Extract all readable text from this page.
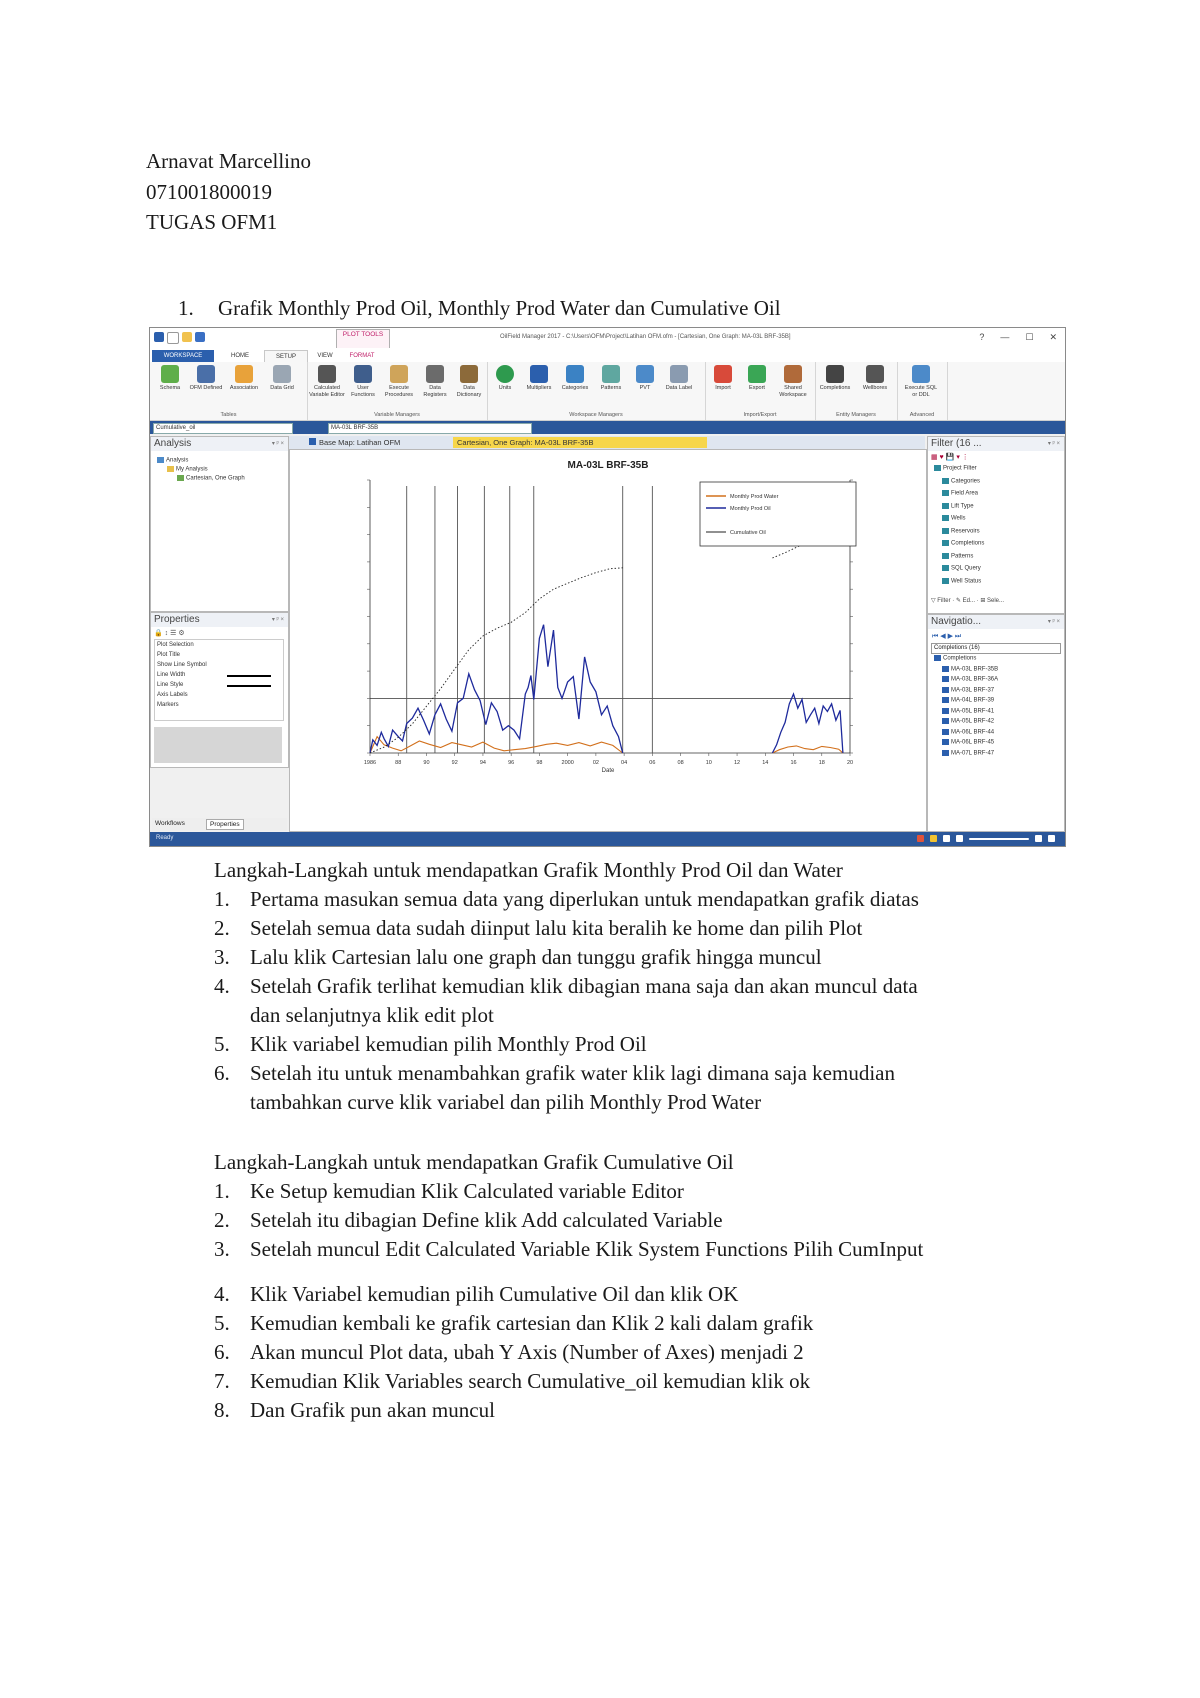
Arnavat Marcellino
071001800019
TUGAS OFM1
1. Grafik Monthly Prod Oil, Monthly Prod Water dan Cumulative Oil
PLOT TOOLS	OilField Manager 2017 - C:\Users\OFM\Project\Latihan OFM.ofm - [Cartesian, One Graph: MA-03L BRF-35B]	? — ☐ ✕
WORKSPACE	HOME	SETUP	VIEW	FORMAT
Schema	OFM Defined	Association	Data Grid
Tables
Calculated Variable Editor
User Functions
Execute Procedures
Data Registers
Data Dictionary
Variable Managers
Units	Multipliers	Categories	Patterns	PVT	Data Label
Workspace Managers
Import	Export	Shared Workspace
Import/Export
Completions	Wellbores
Entity Managers
Execute SQL or DDL
Advanced
Cumulative_oil	MA-03L BRF-35B
Analysis	▾ ᵖ ×
Analysis
My Analysis
Cartesian, One Graph
Properties	▾ ᵖ ×
🔒 ↕ ☰ ⚙
Plot Selection
Plot Title
Show Line Symbol
Line Width
Line Style
Axis Labels
Markers
Workflows	Properties
Base Map: Latihan OFM	Cartesian, One Graph: MA-03L BRF-35B
MA-03L BRF-35B
1986	88	90	92	94	96	98	2000	02	04	06	08	10	12	14	16	18	20
Date
Monthly Prod Water
Monthly Prod Oil
Cumulative Oil
Filter (16 ...	▾ ᵖ ×
▦ ♥ 💾 ▾ ⋮
Project Filter
Categories
Field Area
Lift Type
Wells
Reservoirs
Completions
Patterns
SQL Query
Well Status
▽ Filter · ✎ Ed... · ⊞ Sele...
Navigatio...	▾ ᵖ ×
⏮ ◀ ▶ ⏭
Completions (16)
Completions
MA-03L BRF-35B
MA-03L BRF-36A
MA-03L BRF-37
MA-04L BRF-39
MA-05L BRF-41
MA-05L BRF-42
MA-06L BRF-44
MA-06L BRF-45
MA-07L BRF-47
Ready
Langkah-Langkah untuk mendapatkan Grafik Monthly Prod Oil dan Water
1. Pertama masukan semua data yang diperlukan untuk mendapatkan grafik diatas
2. Setelah semua data sudah diinput lalu kita beralih ke home dan pilih Plot
3. Lalu klik Cartesian lalu one graph dan tunggu grafik hingga muncul
4. Setelah Grafik terlihat kemudian klik dibagian mana saja dan akan muncul data
dan selanjutnya klik edit plot
5. Klik variabel kemudian pilih Monthly Prod Oil
6. Setelah itu untuk menambahkan grafik water klik lagi dimana saja kemudian
tambahkan curve klik variabel dan pilih Monthly Prod Water
Langkah-Langkah untuk mendapatkan Grafik Cumulative Oil
1. Ke Setup kemudian Klik Calculated variable Editor
2. Setelah itu dibagian Define klik Add calculated Variable
3. Setelah muncul Edit Calculated Variable Klik System Functions Pilih CumInput
4. Klik Variabel kemudian pilih Cumulative Oil dan klik OK
5. Kemudian kembali ke grafik cartesian dan Klik 2 kali dalam grafik
6. Akan muncul Plot data, ubah Y Axis (Number of Axes) menjadi 2
7. Kemudian Klik Variables search Cumulative_oil kemudian klik ok
8. Dan Grafik pun akan muncul
